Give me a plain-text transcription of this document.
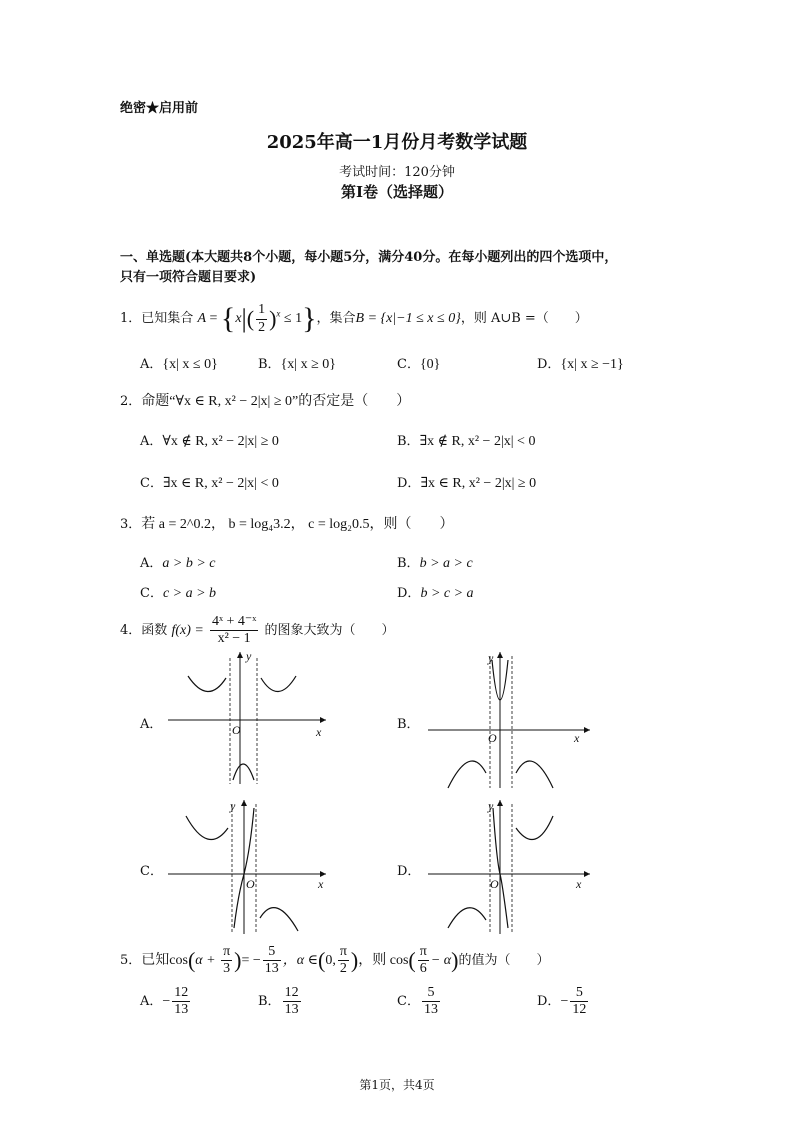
绝密★启用前
2025年高一1月份月考数学试题
考试时间：120分钟
第Ⅰ卷（选择题）
一、单选题(本大题共8个小题，每小题5分，满分40分。在每小题列出的四个选项中，
只有一项符合题目要求)
1．已知集合 $A = \{x|( \frac{1}{2} )^x \le 1\}$，集合B = {x|−1 ≤ x ≤ 0}，则 A∪B =（　　）
A．{x| x ≤ 0}	B．{x| x ≥ 0}	C．{0}	D．{x| x ≥ −1}
2．命题“∀x ∈ R, x² − 2|x| ≥ 0”的否定是（　　）
A．∀x ∉ R, x² − 2|x| ≥ 0	B．∃x ∉ R, x² − 2|x| < 0
C．∃x ∈ R, x² − 2|x| < 0	D．∃x ∈ R, x² − 2|x| ≥ 0
3．若 a = 2^0.2， b = log₄3.2， c = log₂0.5，则（　　）
A．a > b > c	B．b > a > c
C．c > a > b	D．b > c > a
4．函数 $f(x) = \frac{\text{4ˣ + 4⁻ˣ}}{\text{x² − 1}}$ 的图象大致为（　　）
A．	B．
C．	D．
O
y
x	O
y
x
O
y
x	O
y
x
5．已知$\cos(\alpha + \frac{\pi}{3}$ )= − $\frac{5}{13}$ ，α ∈(0, $\frac{\pi}{2}$ )，则 $\cos( \frac{\pi}{6} - \alpha)$的值为（　　）
A．− $\frac{12}{13}$	B． $\frac{12}{13}$	C． $\frac{5}{13}$	D．− $\frac{5}{12}$
第1页，共4页
